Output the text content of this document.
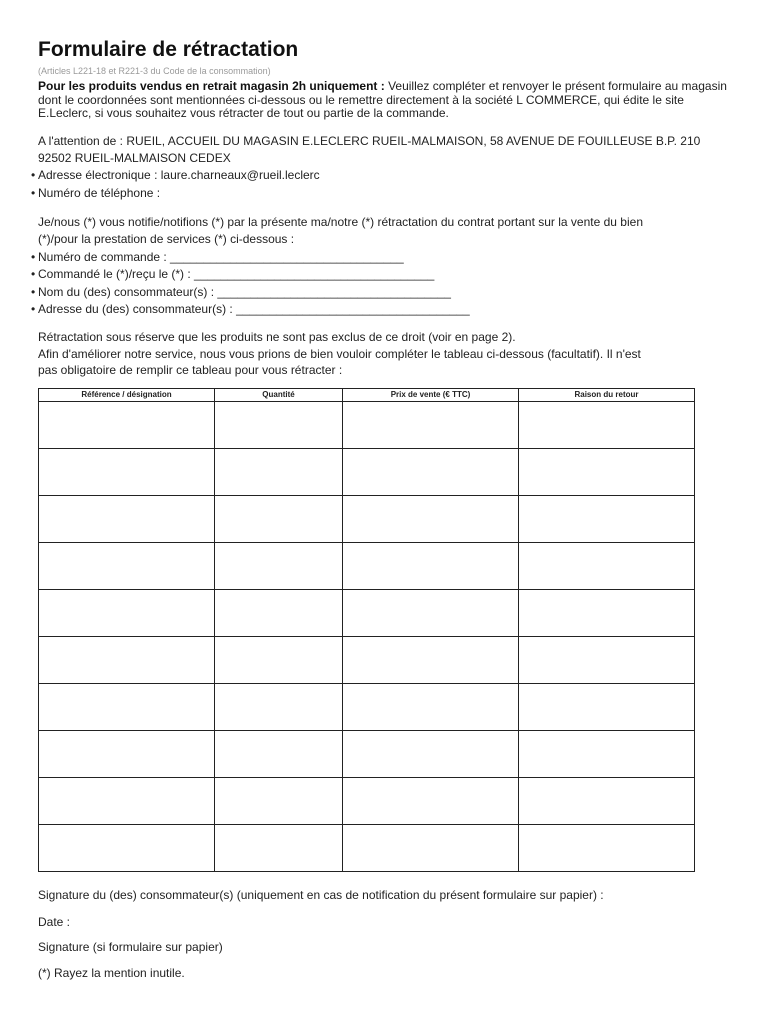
Formulaire de rétractation
(Articles L221-18 et R221-3 du Code de la consommation)
Pour les produits vendus en retrait magasin 2h uniquement : Veuillez compléter et renvoyer le présent formulaire au magasin dont le coordonnées sont mentionnées ci-dessous ou le remettre directement à la société L COMMERCE, qui édite le site E.Leclerc, si vous souhaitez vous rétracter de tout ou partie de la commande.
A l'attention de : RUEIL, ACCUEIL DU MAGASIN E.LECLERC RUEIL-MALMAISON, 58 AVENUE DE FOUILLEUSE B.P. 210
92502 RUEIL-MALMAISON CEDEX
• Adresse électronique : laure.charneaux@rueil.leclerc
• Numéro de téléphone :
Je/nous (*) vous notifie/notifions (*) par la présente ma/notre (*) rétractation du contrat portant sur la vente du bien
(*)/pour la prestation de services (*) ci-dessous :
• Numéro de commande : ___________________________________
• Commandé le (*)/reçu le (*) : ____________________________________
• Nom du (des) consommateur(s) : ___________________________________
• Adresse du (des) consommateur(s) : ___________________________________
Rétractation sous réserve que les produits ne sont pas exclus de ce droit (voir en page 2).
Afin d'améliorer notre service, nous vous prions de bien vouloir compléter le tableau ci-dessous (facultatif). Il n'est
pas obligatoire de remplir ce tableau pour vous rétracter :
Référence / désignation	Quantité	Prix de vente (€ TTC)	Raison du retour

Signature du (des) consommateur(s) (uniquement en cas de notification du présent formulaire sur papier) :
Date :
Signature (si formulaire sur papier)
(*) Rayez la mention inutile.
